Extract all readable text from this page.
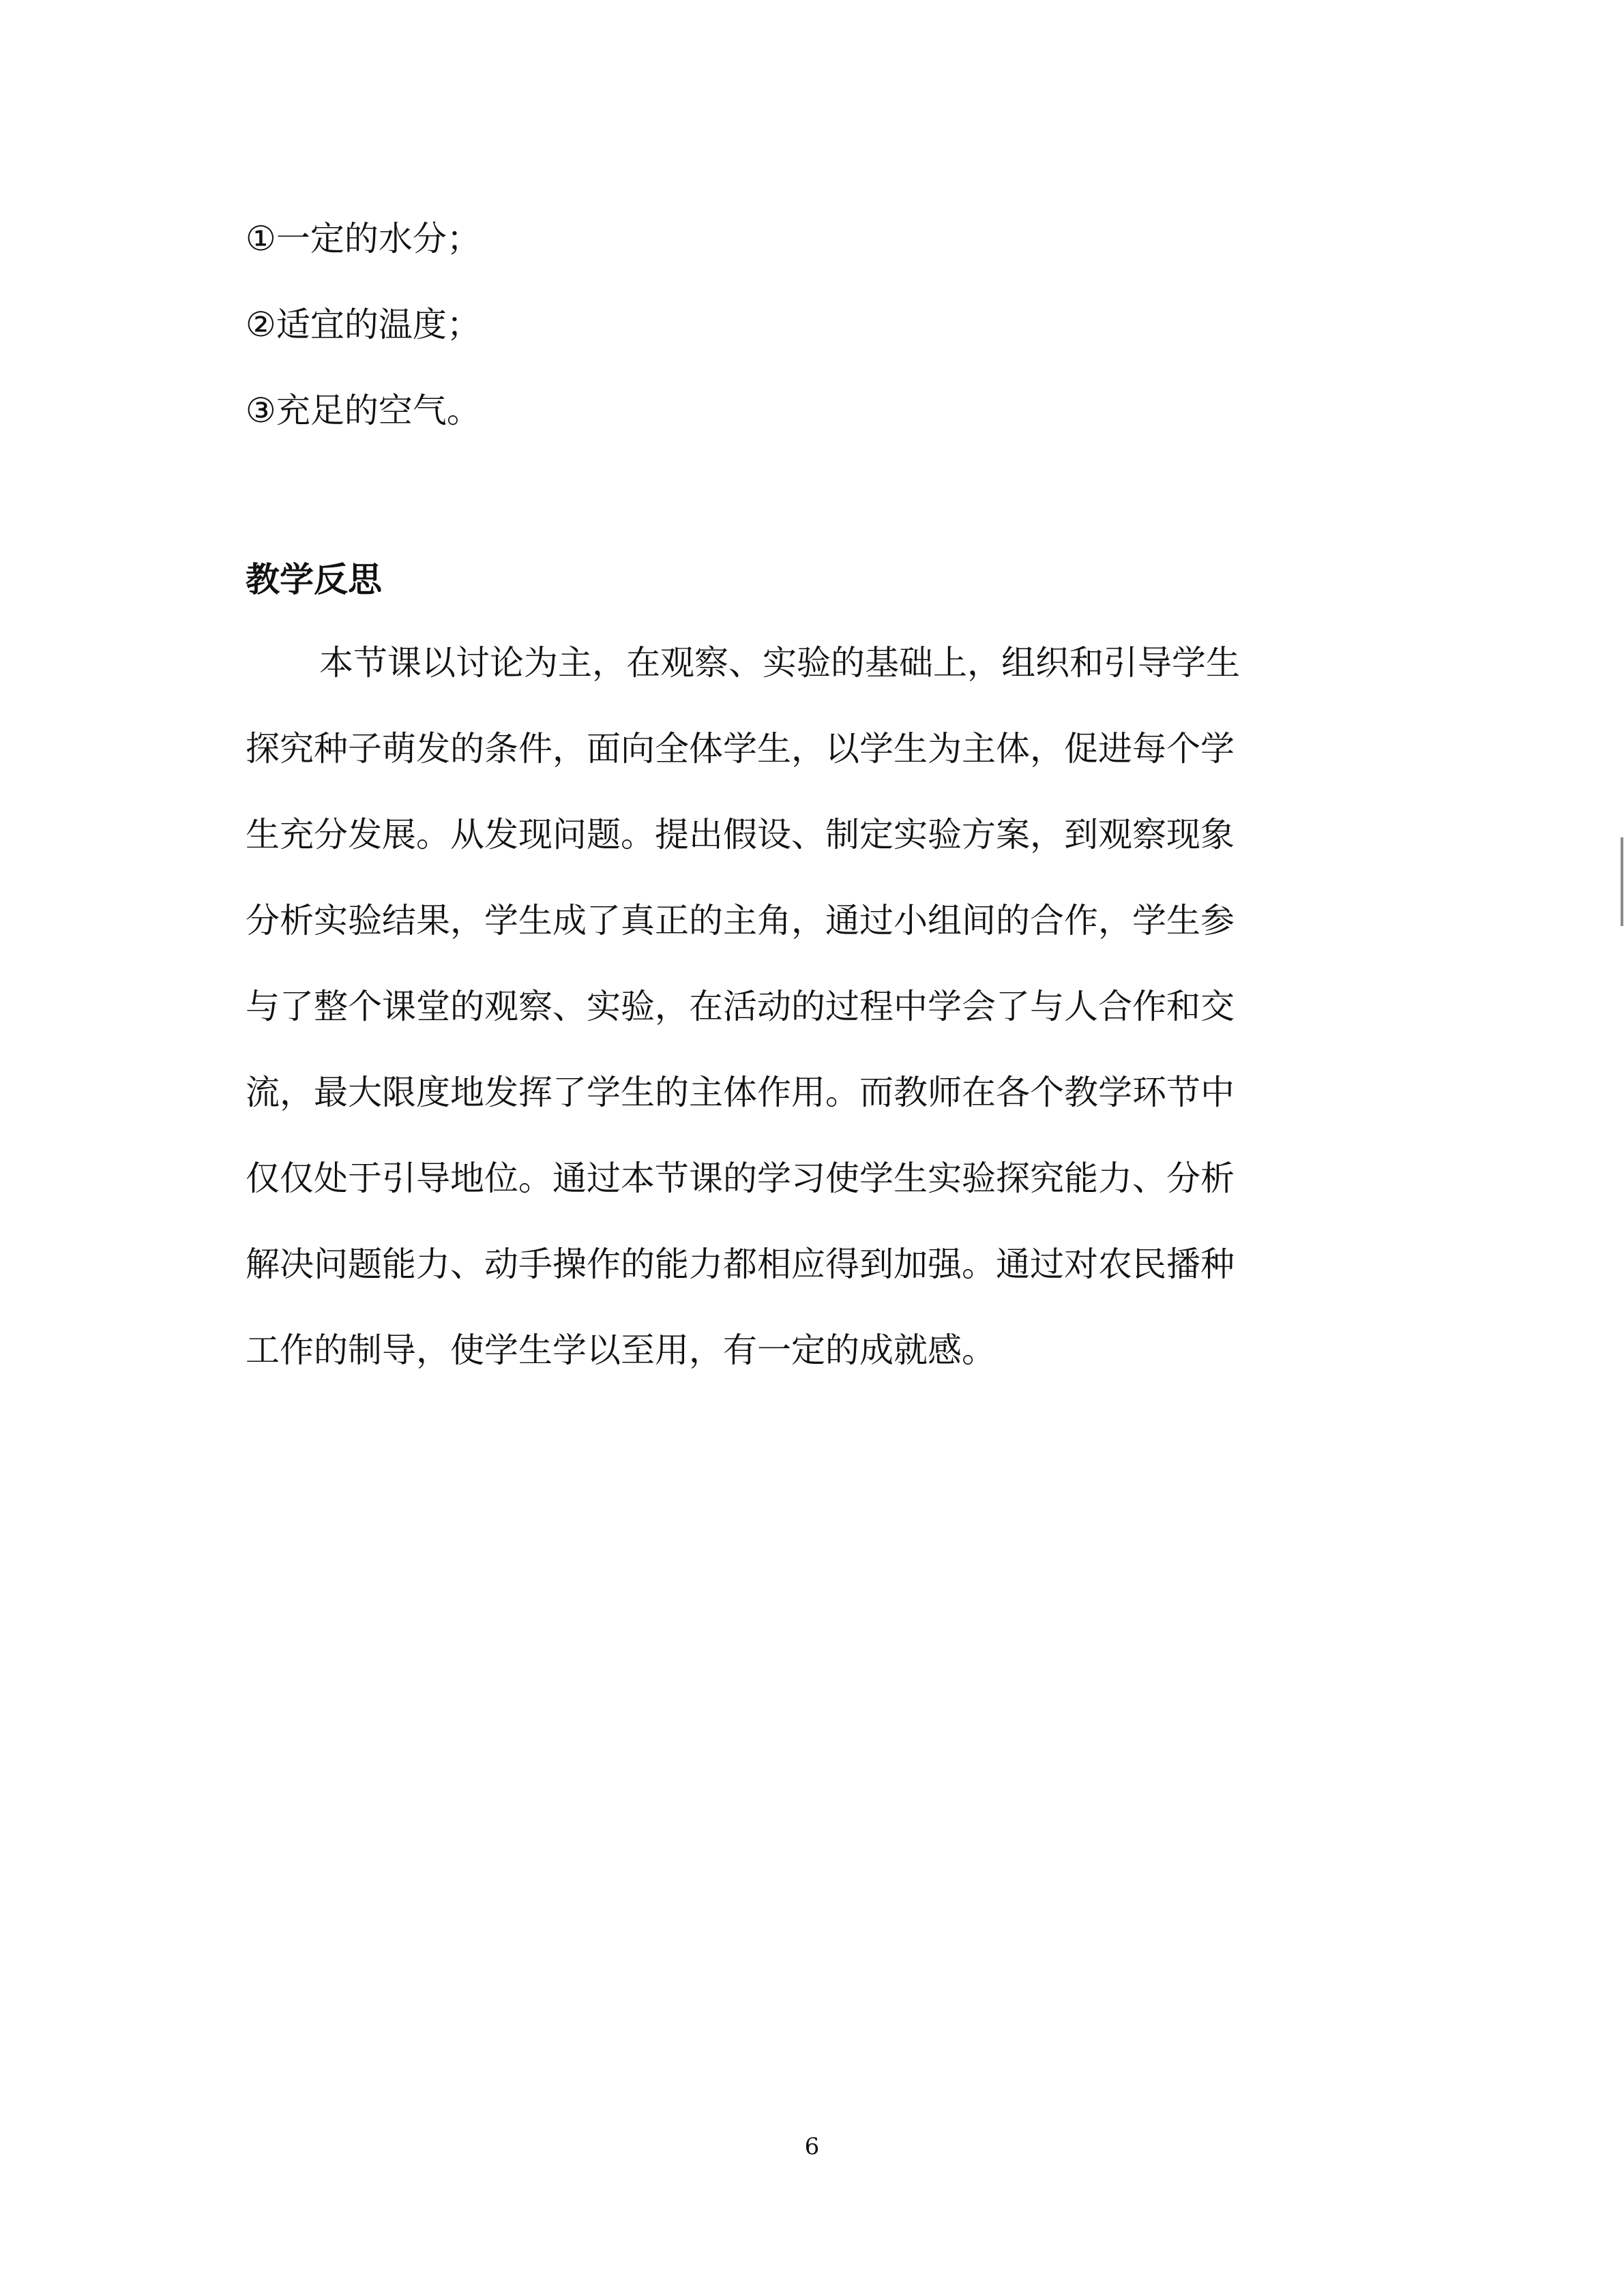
①一定的水分；
②适宜的温度；
③充足的空气。
教学反思
本节课以讨论为主，在观察、实验的基础上，组织和引导学生
探究种子萌发的条件，面向全体学生，以学生为主体，促进每个学
生充分发展。从发现问题。提出假设、制定实验方案，到观察现象
分析实验结果，学生成了真正的主角，通过小组间的合作，学生参
与了整个课堂的观察、实验，在活动的过程中学会了与人合作和交
流，最大限度地发挥了学生的主体作用。而教师在各个教学环节中
仅仅处于引导地位。通过本节课的学习使学生实验探究能力、分析
解决问题能力、动手操作的能力都相应得到加强。通过对农民播种
工作的制导，使学生学以至用，有一定的成就感。
6
